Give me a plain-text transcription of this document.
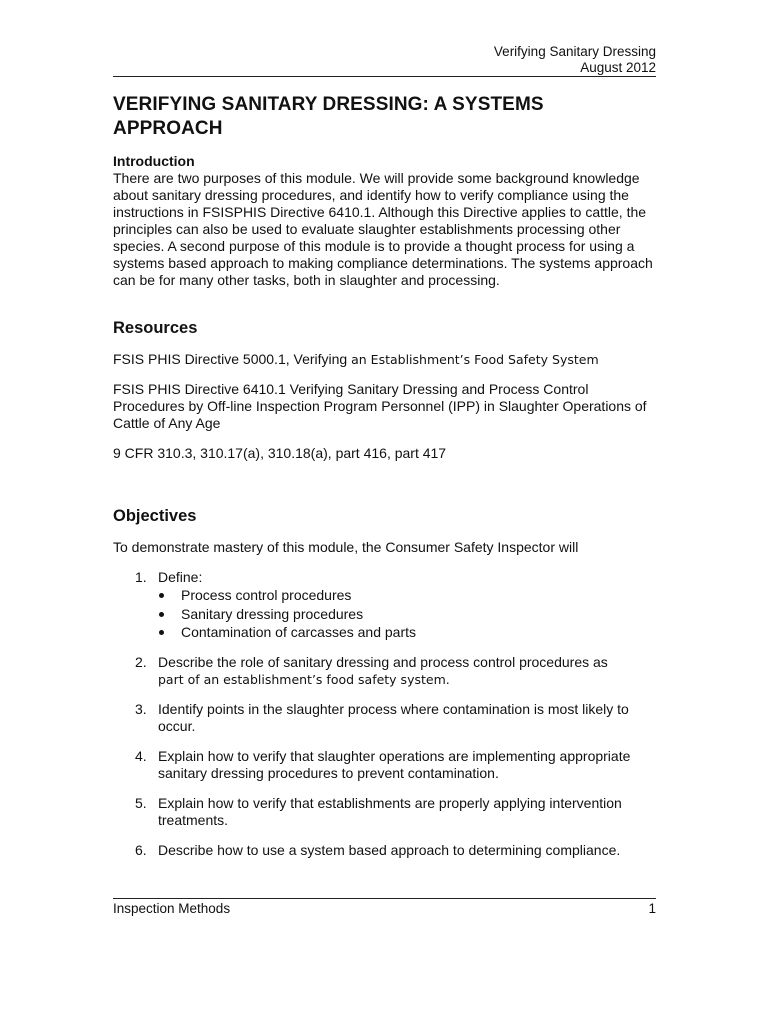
Verifying Sanitary Dressing
August 2012
VERIFYING SANITARY DRESSING: A SYSTEMS APPROACH
Introduction

There are two purposes of this module. We will provide some background knowledge about sanitary dressing procedures, and identify how to verify compliance using the instructions in FSISPHIS Directive 6410.1. Although this Directive applies to cattle, the principles can also be used to evaluate slaughter establishments processing other species. A second purpose of this module is to provide a thought process for using a systems based approach to making compliance determinations. The systems approach can be for many other tasks, both in slaughter and processing.

Resources

FSIS PHIS Directive 5000.1, Verifying an Establishment’s Food Safety System

FSIS PHIS Directive 6410.1 Verifying Sanitary Dressing and Process Control Procedures by Off-line Inspection Program Personnel (IPP) in Slaughter Operations of Cattle of Any Age

9 CFR 310.3, 310.17(a), 310.18(a), part 416, part 417

Objectives

To demonstrate mastery of this module, the Consumer Safety Inspector will

1. Define:
Process control procedures
Sanitary dressing procedures
Contamination of carcasses and parts
2. Describe the role of sanitary dressing and process control procedures as
part of an establishment’s food safety system.
3. Identify points in the slaughter process where contamination is most likely to occur.
4. Explain how to verify that slaughter operations are implementing appropriate sanitary dressing procedures to prevent contamination.
5. Explain how to verify that establishments are properly applying intervention treatments.
6. Describe how to use a system based approach to determining compliance.
Inspection Methods	1
